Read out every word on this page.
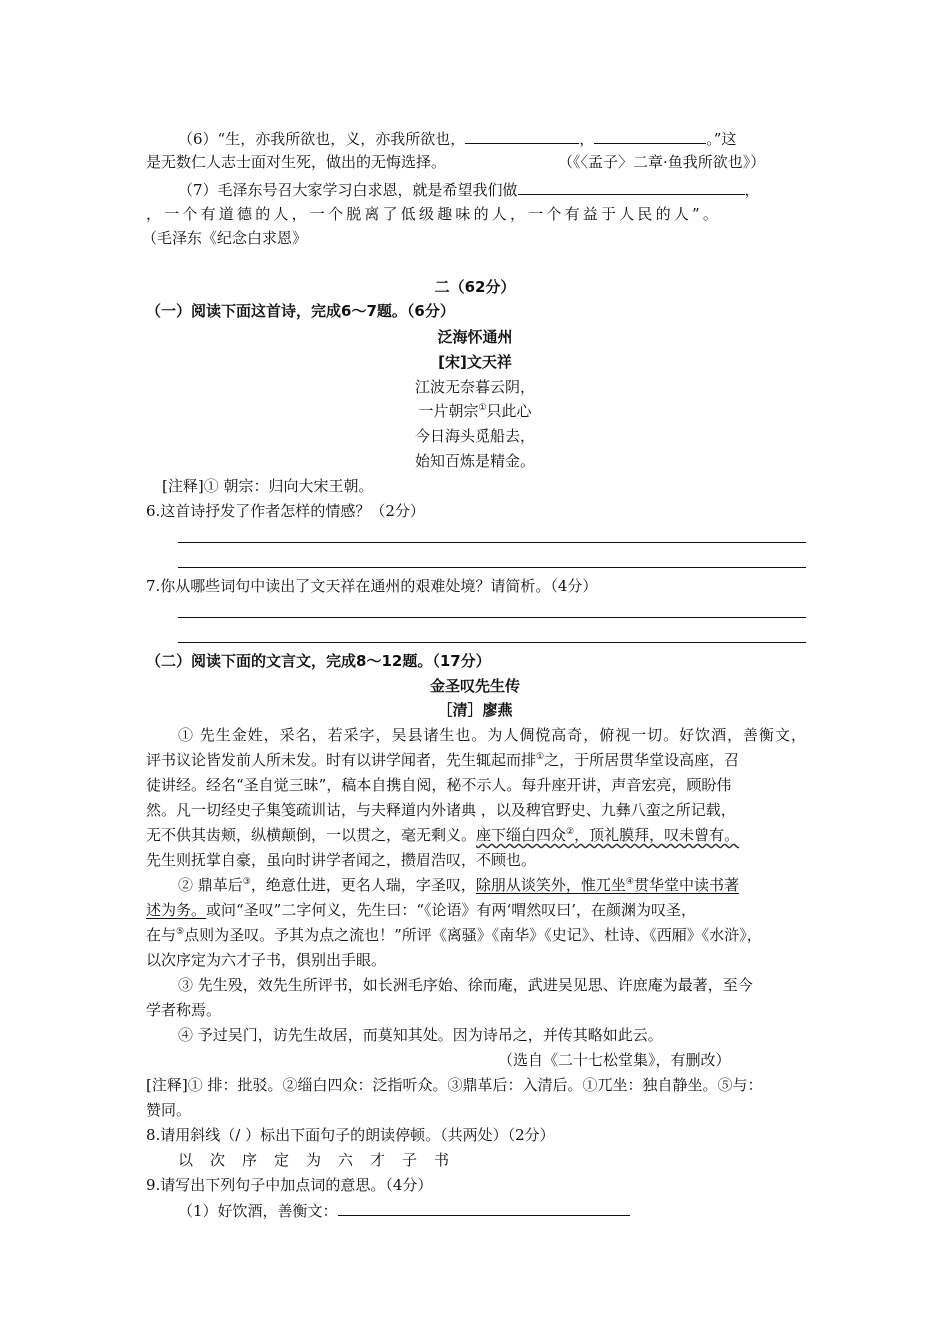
（6）“生，亦我所欲也，义，亦我所欲也，	，	。”这
是无数仁人志士面对生死，做出的无悔选择。	（《〈孟子〉二章·鱼我所欲也》）
（7）毛泽东号召大家学习白求恩，就是希望我们做	，
，一个有道德的人，一个脱离了低级趣味的人，一个有益于人民的人”。
（毛泽东《纪念白求恩》
二（62分）
（一）阅读下面这首诗，完成6～7题。（6分）
泛海怀通州
[宋]文天祥
江波无奈暮云阴，
一片朝宗①只此心
今日海头觅船去，
始知百炼是精金。
[注释]① 朝宗：归向大宋王朝。
6.这首诗抒发了作者怎样的情感？（2分）
7.你从哪些词句中读出了文天祥在通州的艰难处境？请简析。（4分）
（二）阅读下面的文言文，完成8～12题。（17分）
金圣叹先生传
［清］廖燕
① 先生金姓，采名，若采字，吴县诸生也。为人倜傥高奇，俯视一切。好饮酒，善衡文，
评书议论皆发前人所未发。时有以讲学闻者，先生辄起而排①之，于所居贯华堂设高座，召
徒讲经。经名“圣自觉三昧”，稿本自携自阅，秘不示人。每升座开讲，声音宏亮，顾盼伟
然。凡一切经史子集笺疏训诂，与夫释道内外诸典 ，以及稗官野史、九彝八蛮之所记载，
无不供其齿颊，纵横颠倒，一以贯之，毫无剩义。座下缁白四众②，顶礼膜拜，叹未曾有。
先生则抚掌自豪，虽向时讲学者闻之，攒眉浩叹，不顾也。
② 鼎革后③，绝意仕进，更名人瑞，字圣叹，除朋从谈笑外，惟兀坐④贯华堂中读书著
述为务。或问“圣叹”二字何义，先生曰：“《论语》有两‘喟然叹曰’，在颜渊为叹圣，
在与⑤点则为圣叹。予其为点之流也！”所评《离骚》《南华》《史记》、杜诗、《西厢》《水浒》，
以次序定为六才子书，俱别出手眼。
③ 先生殁，效先生所评书，如长洲毛序始、徐而庵，武进吴见思、许庶庵为最著，至今
学者称焉。
④ 予过吴门，访先生故居，而莫知其处。因为诗吊之，并传其略如此云。
（选自《二十七松堂集》，有删改）
[注释]① 排：批驳。②缁白四众：泛指听众。③鼎革后：入清后。①兀坐：独自静坐。⑤与：
赞同。
8.请用斜线（/ ）标出下面句子的朗读停顿。（共两处）（2分）
以次序定为六才子书
9.请写出下列句子中加点词的意思。（4分）
（1）好饮酒，善衡文：
